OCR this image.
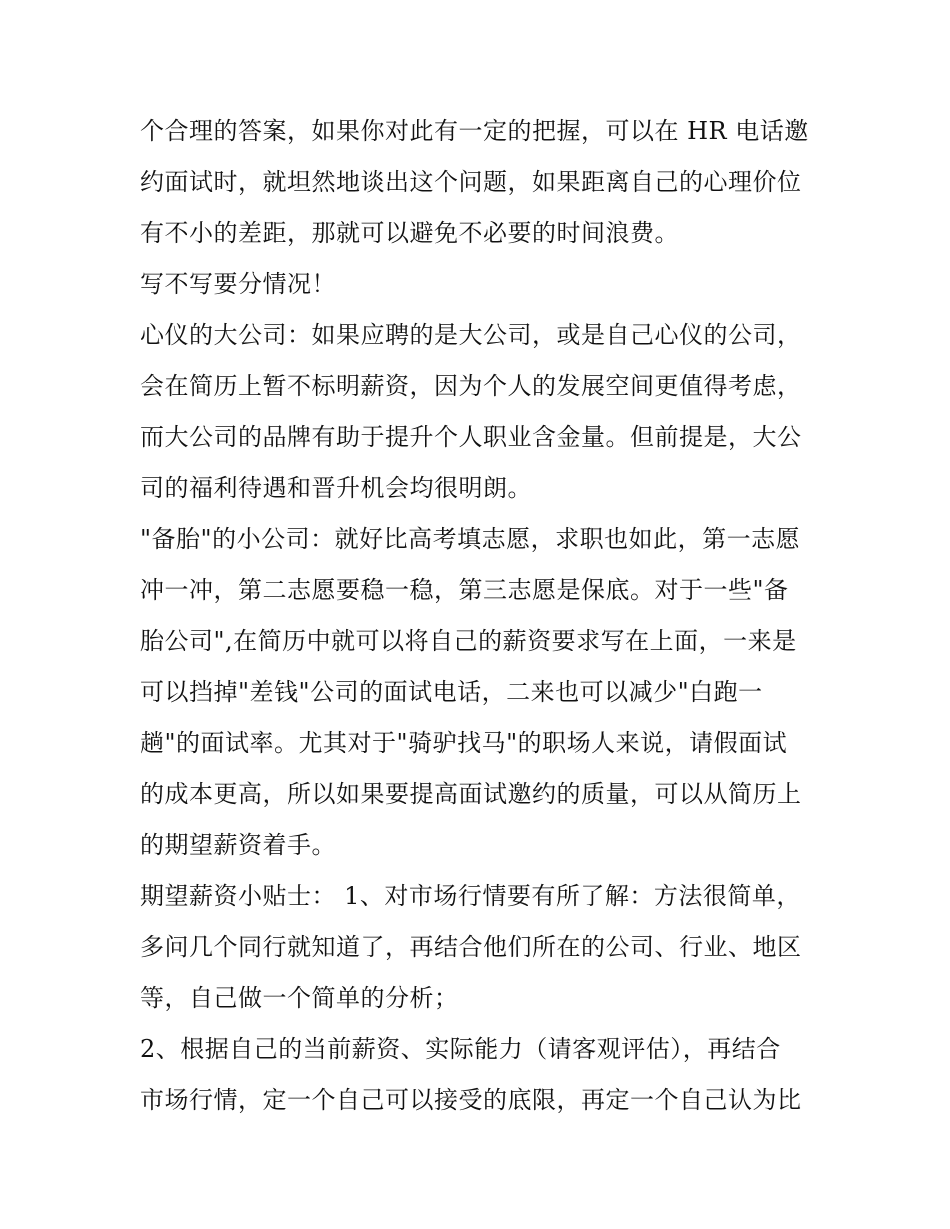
个合理的答案，如果你对此有一定的把握，可以在 HR 电话邀
约面试时，就坦然地谈出这个问题，如果距离自己的心理价位
有不小的差距，那就可以避免不必要的时间浪费。
写不写要分情况！
心仪的大公司：如果应聘的是大公司，或是自己心仪的公司，
会在简历上暂不标明薪资，因为个人的发展空间更值得考虑，
而大公司的品牌有助于提升个人职业含金量。但前提是，大公
司的福利待遇和晋升机会均很明朗。
"备胎"的小公司：就好比高考填志愿，求职也如此，第一志愿
冲一冲，第二志愿要稳一稳，第三志愿是保底。对于一些"备
胎公司",在简历中就可以将自己的薪资要求写在上面，一来是
可以挡掉"差钱"公司的面试电话，二来也可以减少"白跑一
趟"的面试率。尤其对于"骑驴找马"的职场人来说，请假面试
的成本更高，所以如果要提高面试邀约的质量，可以从简历上
的期望薪资着手。
期望薪资小贴士： 1、对市场行情要有所了解：方法很简单，
多问几个同行就知道了，再结合他们所在的公司、行业、地区
等，自己做一个简单的分析；
2、根据自己的当前薪资、实际能力（请客观评估），再结合
市场行情，定一个自己可以接受的底限，再定一个自己认为比
